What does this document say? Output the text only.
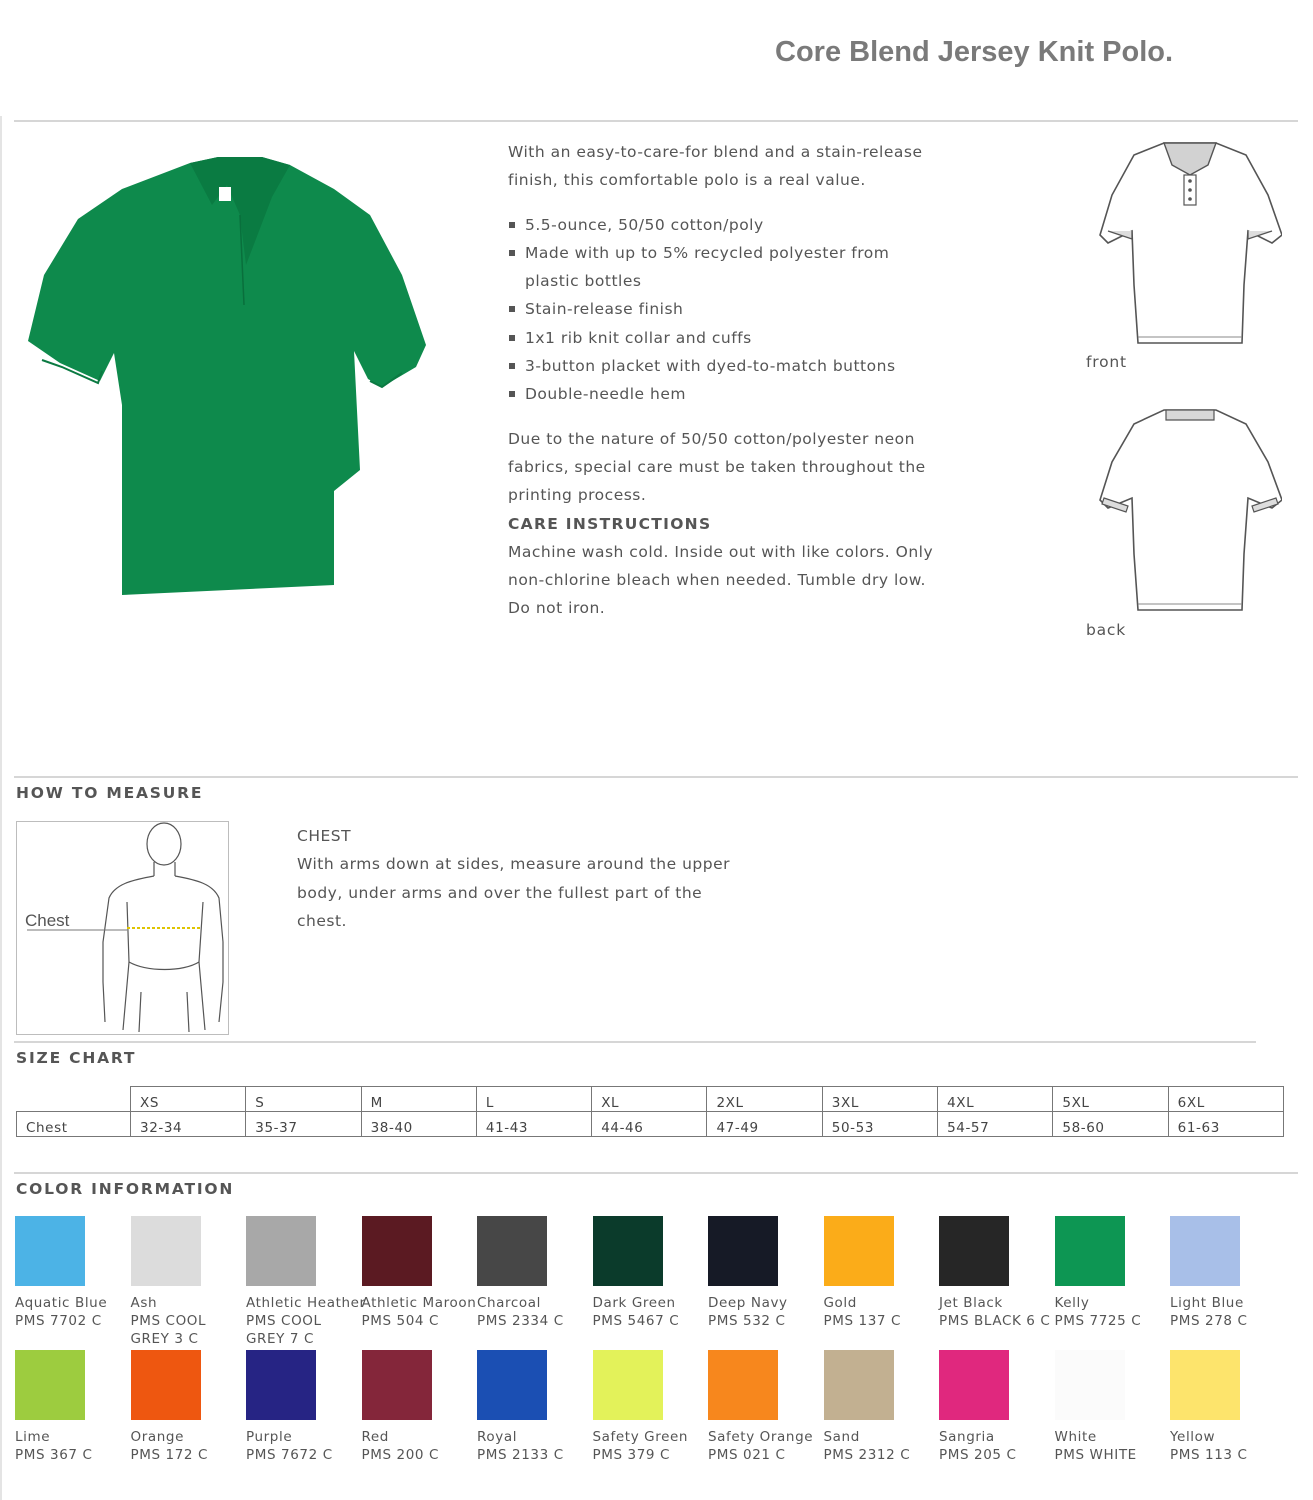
Core Blend Jersey Knit Polo.

With an easy-to-care-for blend and a stain-release finish, this comfortable polo is a real value.

5.5-ounce, 50/50 cotton/poly
Made with up to 5% recycled polyester from plastic bottles
Stain-release finish
1x1 rib knit collar and cuffs
3-button placket with dyed-to-match buttons
Double-needle hem

Due to the nature of 50/50 cotton/polyester neon fabrics, special care must be taken throughout the printing process.

CARE INSTRUCTIONS

Machine wash cold. Inside out with like colors. Only non-chlorine bleach when needed. Tumble dry low. Do not iron.

front
back
HOW TO MEASURE
Chest
CHEST
With arms down at sides, measure around the upper body, under arms and over the fullest part of the chest.
SIZE CHART
	XS	S	M	L	XL	2XL	3XL	4XL	5XL	6XL
Chest	32-34	35-37	38-40	41-43	44-46	47-49	50-53	54-57	58-60	61-63
COLOR INFORMATION
Aquatic Blue
PMS 7702 C
Ash
PMS COOL GREY 3 C
Athletic Heather
PMS COOL GREY 7 C
Athletic Maroon
PMS 504 C
Charcoal
PMS 2334 C
Dark Green
PMS 5467 C
Deep Navy
PMS 532 C
Gold
PMS 137 C
Jet Black
PMS BLACK 6 C
Kelly
PMS 7725 C
Light Blue
PMS 278 C
Lime
PMS 367 C
Orange
PMS 172 C
Purple
PMS 7672 C
Red
PMS 200 C
Royal
PMS 2133 C
Safety Green
PMS 379 C
Safety Orange
PMS 021 C
Sand
PMS 2312 C
Sangria
PMS 205 C
White
PMS WHITE
Yellow
PMS 113 C
